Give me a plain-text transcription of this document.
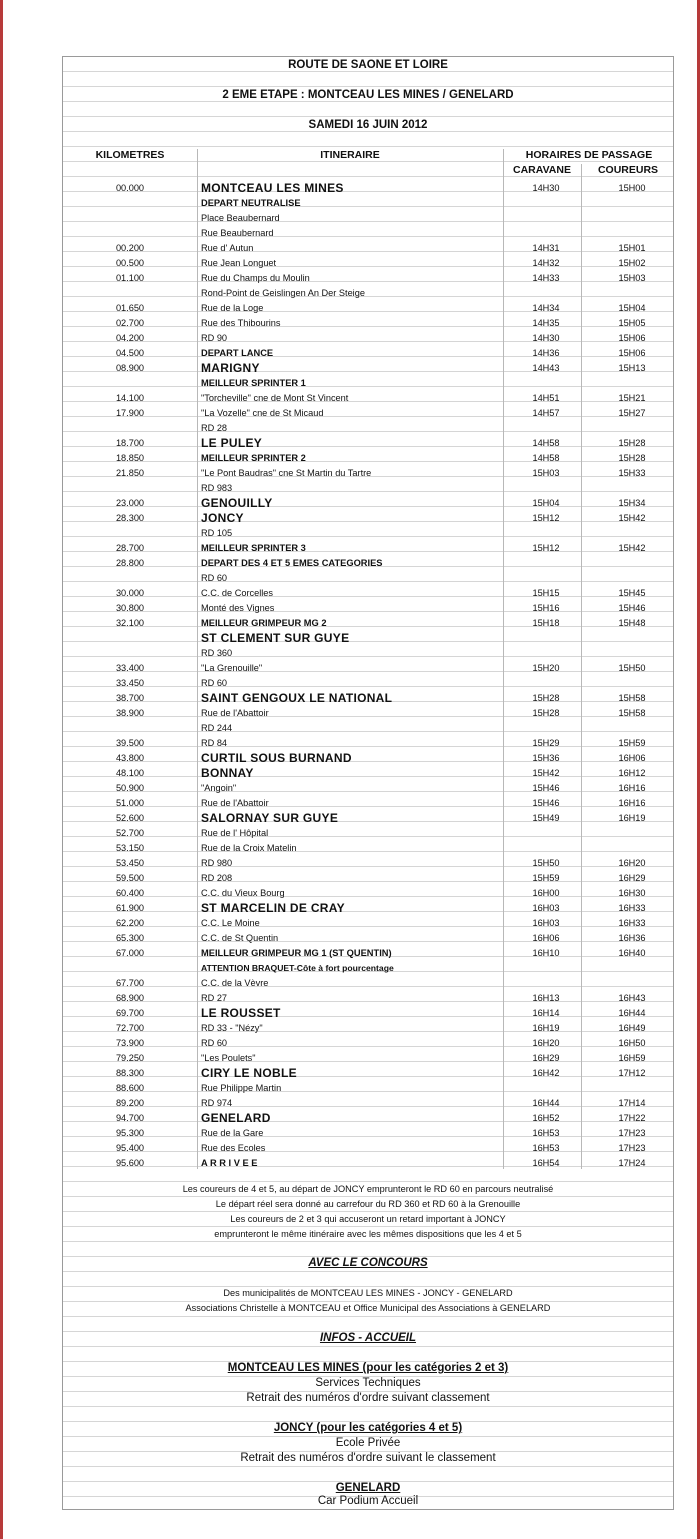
ROUTE DE SAONE ET LOIRE
2 EME ETAPE : MONTCEAU LES MINES / GENELARD
SAMEDI 16 JUIN 2012
KILOMETRES	ITINERAIRE	HORAIRES DE PASSAGE
CARAVANE	COUREURS
00.000	MONTCEAU LES MINES	14H30	15H00
	DEPART NEUTRALISE		
	Place Beaubernard		
	Rue Beaubernard		
00.200	Rue d' Autun	14H31	15H01
00.500	Rue Jean Longuet	14H32	15H02
01.100	Rue du Champs du Moulin	14H33	15H03
	Rond-Point de Geislingen An Der Steige		
01.650	Rue de la Loge	14H34	15H04
02.700	Rue des Thibourins	14H35	15H05
04.200	RD 90	14H30	15H06
04.500	DEPART LANCE	14H36	15H06
08.900	MARIGNY	14H43	15H13
	MEILLEUR SPRINTER 1		
14.100	"Torcheville" cne de Mont St Vincent	14H51	15H21
17.900	"La Vozelle" cne de St Micaud	14H57	15H27
	RD 28		
18.700	LE PULEY	14H58	15H28
18.850	MEILLEUR SPRINTER 2	14H58	15H28
21.850	"Le Pont Baudras" cne St Martin du Tartre	15H03	15H33
	RD 983		
23.000	GENOUILLY	15H04	15H34
28.300	JONCY	15H12	15H42
	RD 105		
28.700	MEILLEUR SPRINTER 3	15H12	15H42
28.800	DEPART DES 4 ET 5 EMES CATEGORIES		
	RD 60		
30.000	C.C. de Corcelles	15H15	15H45
30.800	Monté des Vignes	15H16	15H46
32.100	MEILLEUR GRIMPEUR MG 2	15H18	15H48
	ST CLEMENT SUR GUYE		
	RD 360		
33.400	"La Grenouille"	15H20	15H50
33.450	RD 60		
38.700	SAINT GENGOUX LE NATIONAL	15H28	15H58
38.900	Rue de l'Abattoir	15H28	15H58
	RD 244		
39.500	RD 84	15H29	15H59
43.800	CURTIL SOUS BURNAND	15H36	16H06
48.100	BONNAY	15H42	16H12
50.900	"Angoin"	15H46	16H16
51.000	Rue de l'Abattoir	15H46	16H16
52.600	SALORNAY SUR GUYE	15H49	16H19
52.700	Rue de l' Hôpital		
53.150	Rue de la Croix Matelin		
53.450	RD 980	15H50	16H20
59.500	RD 208	15H59	16H29
60.400	C.C. du Vieux Bourg	16H00	16H30
61.900	ST MARCELIN DE CRAY	16H03	16H33
62.200	C.C. Le Moine	16H03	16H33
65.300	C.C. de St Quentin	16H06	16H36
67.000	MEILLEUR GRIMPEUR MG 1 (ST QUENTIN)	16H10	16H40
	ATTENTION BRAQUET-Côte à fort pourcentage		
67.700	C.C. de la Vèvre		
68.900	RD 27	16H13	16H43
69.700	LE ROUSSET	16H14	16H44
72.700	RD 33 - "Nézy"	16H19	16H49
73.900	RD 60	16H20	16H50
79.250	"Les Poulets"	16H29	16H59
88.300	CIRY LE NOBLE	16H42	17H12
88.600	Rue Philippe Martin		
89.200	RD 974	16H44	17H14
94.700	GENELARD	16H52	17H22
95.300	Rue de la Gare	16H53	17H23
95.400	Rue des Ecoles	16H53	17H23
95.600	A R R I V E E	16H54	17H24
Les coureurs de 4 et 5, au départ de JONCY emprunteront le RD 60 en parcours neutralisé
Le départ réel sera donné au carrefour du RD 360 et RD 60 à la Grenouille
Les coureurs de 2 et 3 qui accuseront un retard important à JONCY
emprunteront le même itinéraire avec les mêmes dispositions que les 4 et 5
AVEC LE CONCOURS
Des municipalités de MONTCEAU LES MINES - JONCY - GENELARD
Associations Christelle à MONTCEAU et Office Municipal des Associations à GENELARD
INFOS - ACCUEIL
MONTCEAU LES MINES (pour les catégories 2 et 3)
Services Techniques
Retrait des numéros d'ordre suivant classement
JONCY (pour les catégories 4 et 5)
Ecole Privée
Retrait des numéros d'ordre suivant le classement
GENELARD
Car Podium Accueil
